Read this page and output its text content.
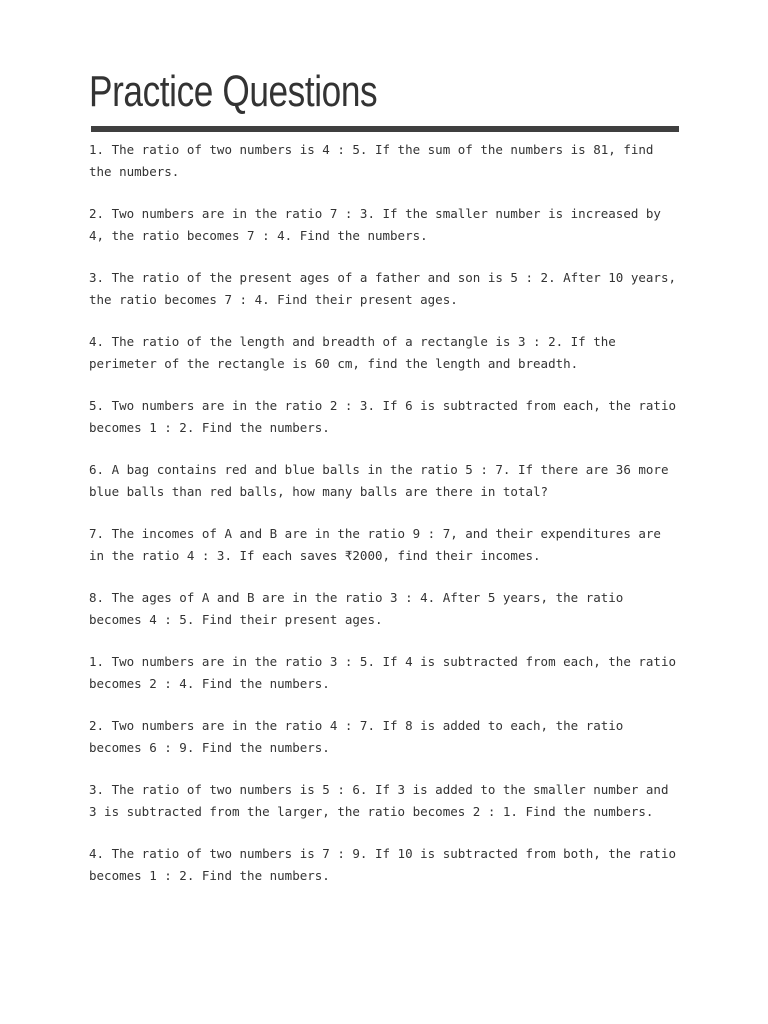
Practice Questions
1. The ratio of two numbers is 4 : 5. If the sum of the numbers is 81, find
the numbers.
2. Two numbers are in the ratio 7 : 3. If the smaller number is increased by
4, the ratio becomes 7 : 4. Find the numbers.
3. The ratio of the present ages of a father and son is 5 : 2. After 10 years,
the ratio becomes 7 : 4. Find their present ages.
4. The ratio of the length and breadth of a rectangle is 3 : 2. If the
perimeter of the rectangle is 60 cm, find the length and breadth.
5. Two numbers are in the ratio 2 : 3. If 6 is subtracted from each, the ratio
becomes 1 : 2. Find the numbers.
6. A bag contains red and blue balls in the ratio 5 : 7. If there are 36 more
blue balls than red balls, how many balls are there in total?
7. The incomes of A and B are in the ratio 9 : 7, and their expenditures are
in the ratio 4 : 3. If each saves ₹2000, find their incomes.
8. The ages of A and B are in the ratio 3 : 4. After 5 years, the ratio
becomes 4 : 5. Find their present ages.
1. Two numbers are in the ratio 3 : 5. If 4 is subtracted from each, the ratio
becomes 2 : 4. Find the numbers.
2. Two numbers are in the ratio 4 : 7. If 8 is added to each, the ratio
becomes 6 : 9. Find the numbers.
3. The ratio of two numbers is 5 : 6. If 3 is added to the smaller number and
3 is subtracted from the larger, the ratio becomes 2 : 1. Find the numbers.
4. The ratio of two numbers is 7 : 9. If 10 is subtracted from both, the ratio
becomes 1 : 2. Find the numbers.
